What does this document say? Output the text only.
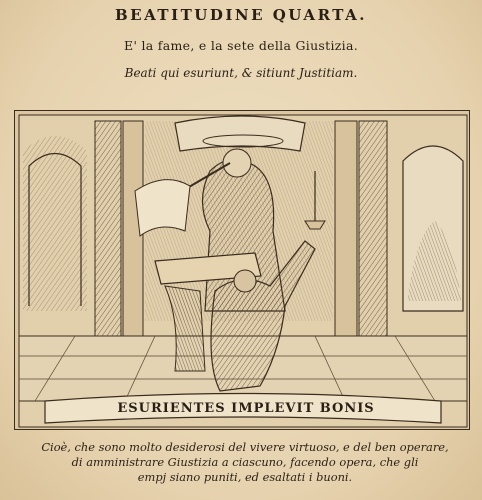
BEATITUDINE QUARTA.
E' la fame, e la sete della Giustizia.
Beati qui esuriunt, & sitiunt Justitiam.
ESURIENTES IMPLEVIT BONIS
Cioè, che sono molto desiderosi del vivere virtuoso, e del ben operare,
di amministrare Giustizia a ciascuno, facendo opera, che gli
empj siano puniti, ed esaltati i buoni.
